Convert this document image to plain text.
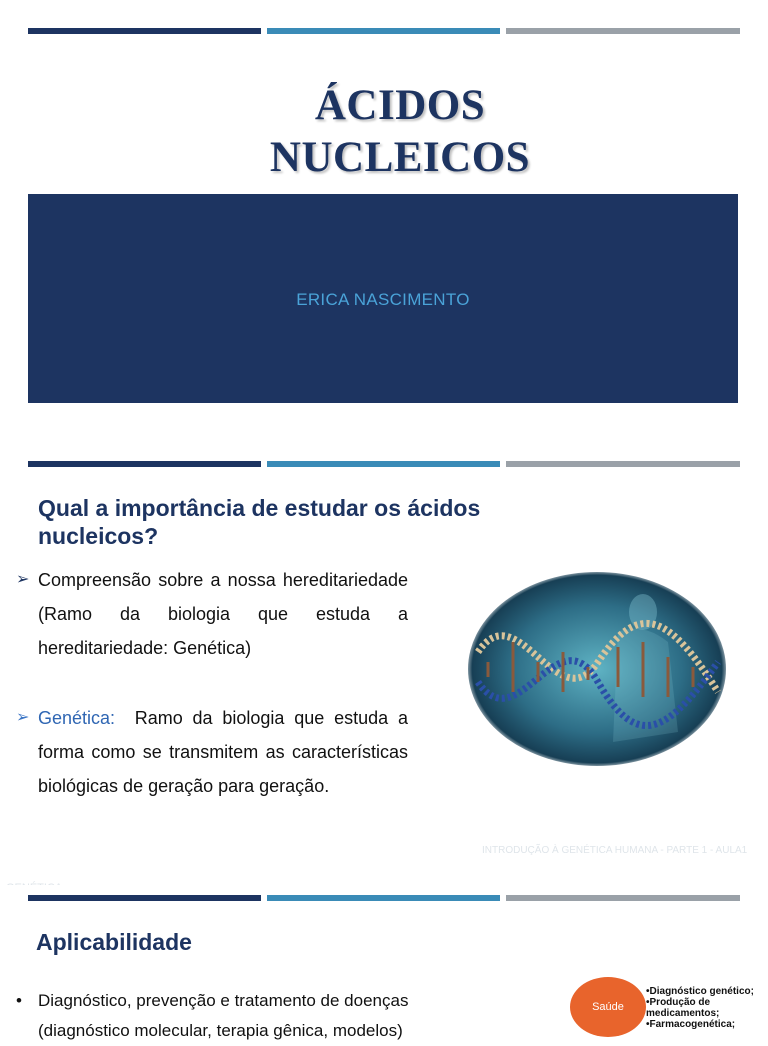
ÁCIDOS
NUCLEICOS
ERICA NASCIMENTO
Qual a importância de estudar os ácidos nucleicos?
➢ Compreensão sobre a nossa hereditariedade (Ramo da biologia que estuda a hereditariedade: Genética)
➢ Genética: Ramo da biologia que estuda a forma como se transmitem as características biológicas de geração para geração.
INTRODUÇÃO À GENÉTICA HUMANA - PARTE 1 - AULA1
Aplicabilidade
• Diagnóstico, prevenção e tratamento de doenças (diagnóstico molecular, terapia gênica, modelos)
Saúde
•Diagnóstico genético;
•Produção de medicamentos;
•Farmacogenética;
